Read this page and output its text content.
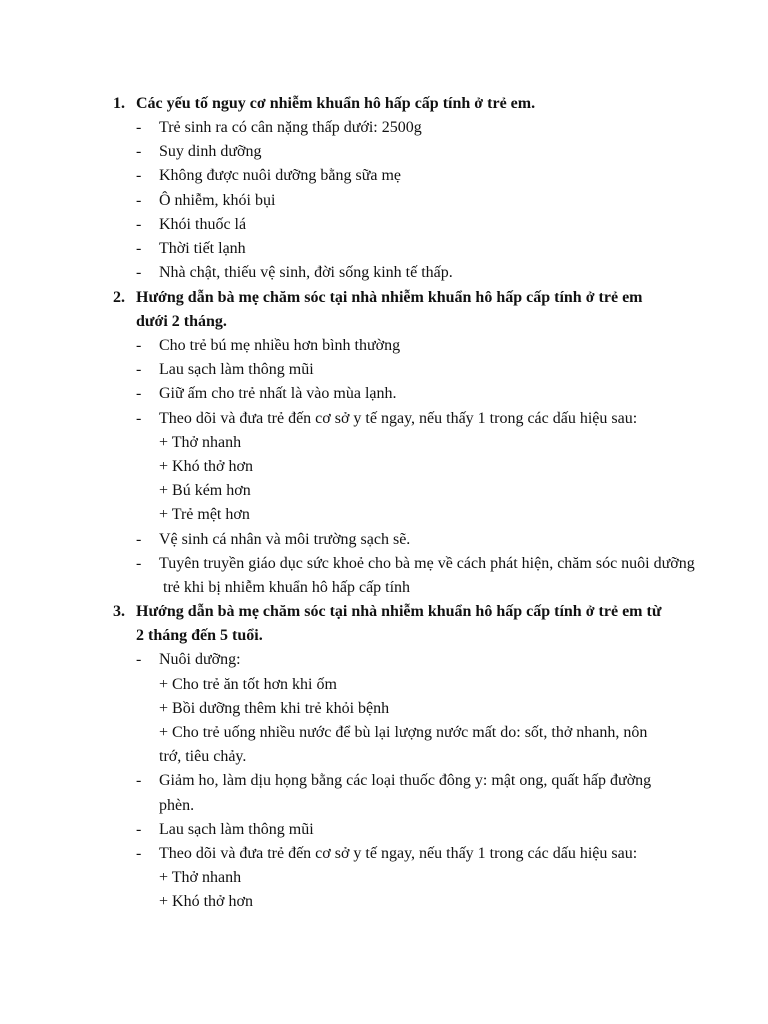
1. Các yếu tố nguy cơ nhiễm khuẩn hô hấp cấp tính ở trẻ em.
- Trẻ sinh ra có cân nặng thấp dưới: 2500g
- Suy dinh dưỡng
- Không được nuôi dưỡng bằng sữa mẹ
- Ô nhiễm, khói bụi
- Khói thuốc lá
- Thời tiết lạnh
- Nhà chật, thiếu vệ sinh, đời sống kinh tế thấp.
2. Hướng dẫn bà mẹ chăm sóc tại nhà nhiễm khuẩn hô hấp cấp tính ở trẻ em
dưới 2 tháng.
- Cho trẻ bú mẹ nhiều hơn bình thường
- Lau sạch làm thông mũi
- Giữ ấm cho trẻ nhất là vào mùa lạnh.
- Theo dõi và đưa trẻ đến cơ sở y tế ngay, nếu thấy 1 trong các dấu hiệu sau:
+ Thở nhanh
+ Khó thở hơn
+ Bú kém hơn
+ Trẻ mệt hơn
- Vệ sinh cá nhân và môi trường sạch sẽ.
- Tuyên truyền giáo dục sức khoẻ cho bà mẹ về cách phát hiện, chăm sóc nuôi dưỡng
trẻ khi bị nhiễm khuẩn hô hấp cấp tính
3. Hướng dẫn bà mẹ chăm sóc tại nhà nhiễm khuẩn hô hấp cấp tính ở trẻ em từ
2 tháng đến 5 tuổi.
- Nuôi dưỡng:
+ Cho trẻ ăn tốt hơn khi ốm
+ Bồi dưỡng thêm khi trẻ khỏi bệnh
+ Cho trẻ uống nhiều nước để bù lại lượng nước mất do: sốt, thở nhanh, nôn
trớ, tiêu chảy.
- Giảm ho, làm dịu họng bằng các loại thuốc đông y: mật ong, quất hấp đường
phèn.
- Lau sạch làm thông mũi
- Theo dõi và đưa trẻ đến cơ sở y tế ngay, nếu thấy 1 trong các dấu hiệu sau:
+ Thở nhanh
+ Khó thở hơn
